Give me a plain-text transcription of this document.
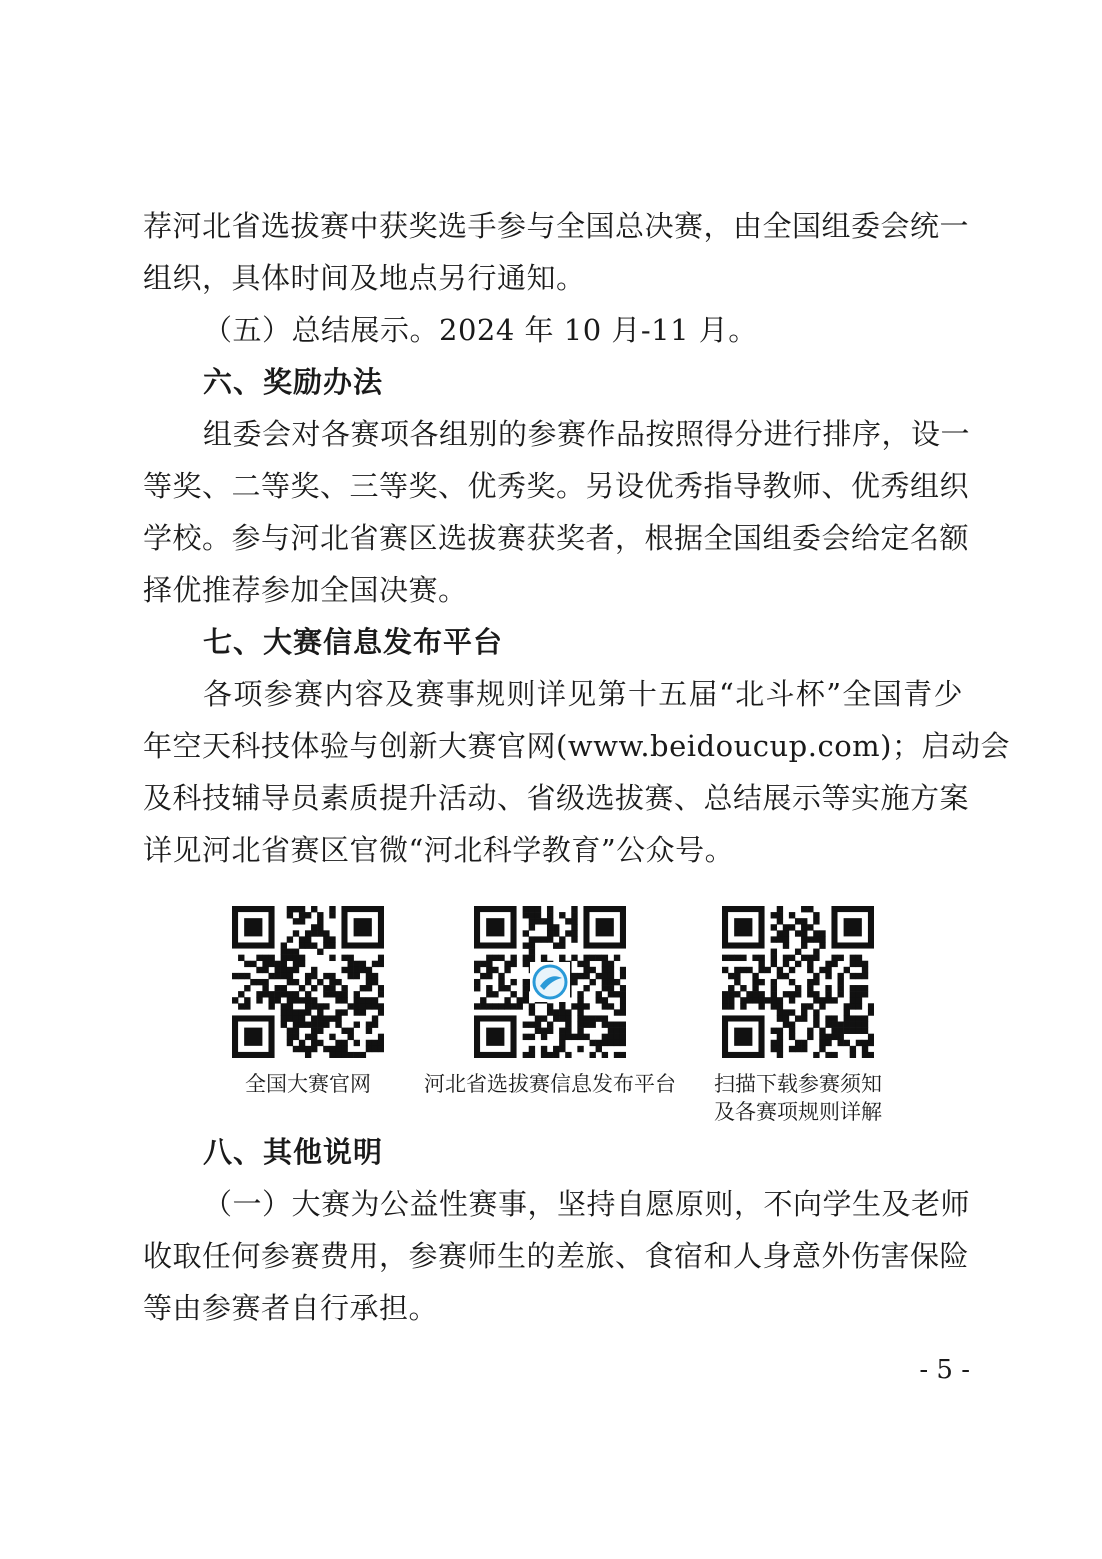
荐河北省选拔赛中获奖选手参与全国总决赛，由全国组委会统一
组织，具体时间及地点另行通知。
（五）总结展示。2024 年 10 月-11 月。
六、奖励办法
组委会对各赛项各组别的参赛作品按照得分进行排序，设一
等奖、二等奖、三等奖、优秀奖。另设优秀指导教师、优秀组织
学校。参与河北省赛区选拔赛获奖者，根据全国组委会给定名额
择优推荐参加全国决赛。
七、大赛信息发布平台
各项参赛内容及赛事规则详见第十五届“北斗杯”全国青少
年空天科技体验与创新大赛官网(www.beidoucup.com)；启动会
及科技辅导员素质提升活动、省级选拔赛、总结展示等实施方案
详见河北省赛区官微“河北科学教育”公众号。
全国大赛官网	河北省选拔赛信息发布平台	扫描下载参赛须知
及各赛项规则详解
八、其他说明
（一）大赛为公益性赛事，坚持自愿原则，不向学生及老师
收取任何参赛费用，参赛师生的差旅、食宿和人身意外伤害保险
等由参赛者自行承担。
- 5 -
